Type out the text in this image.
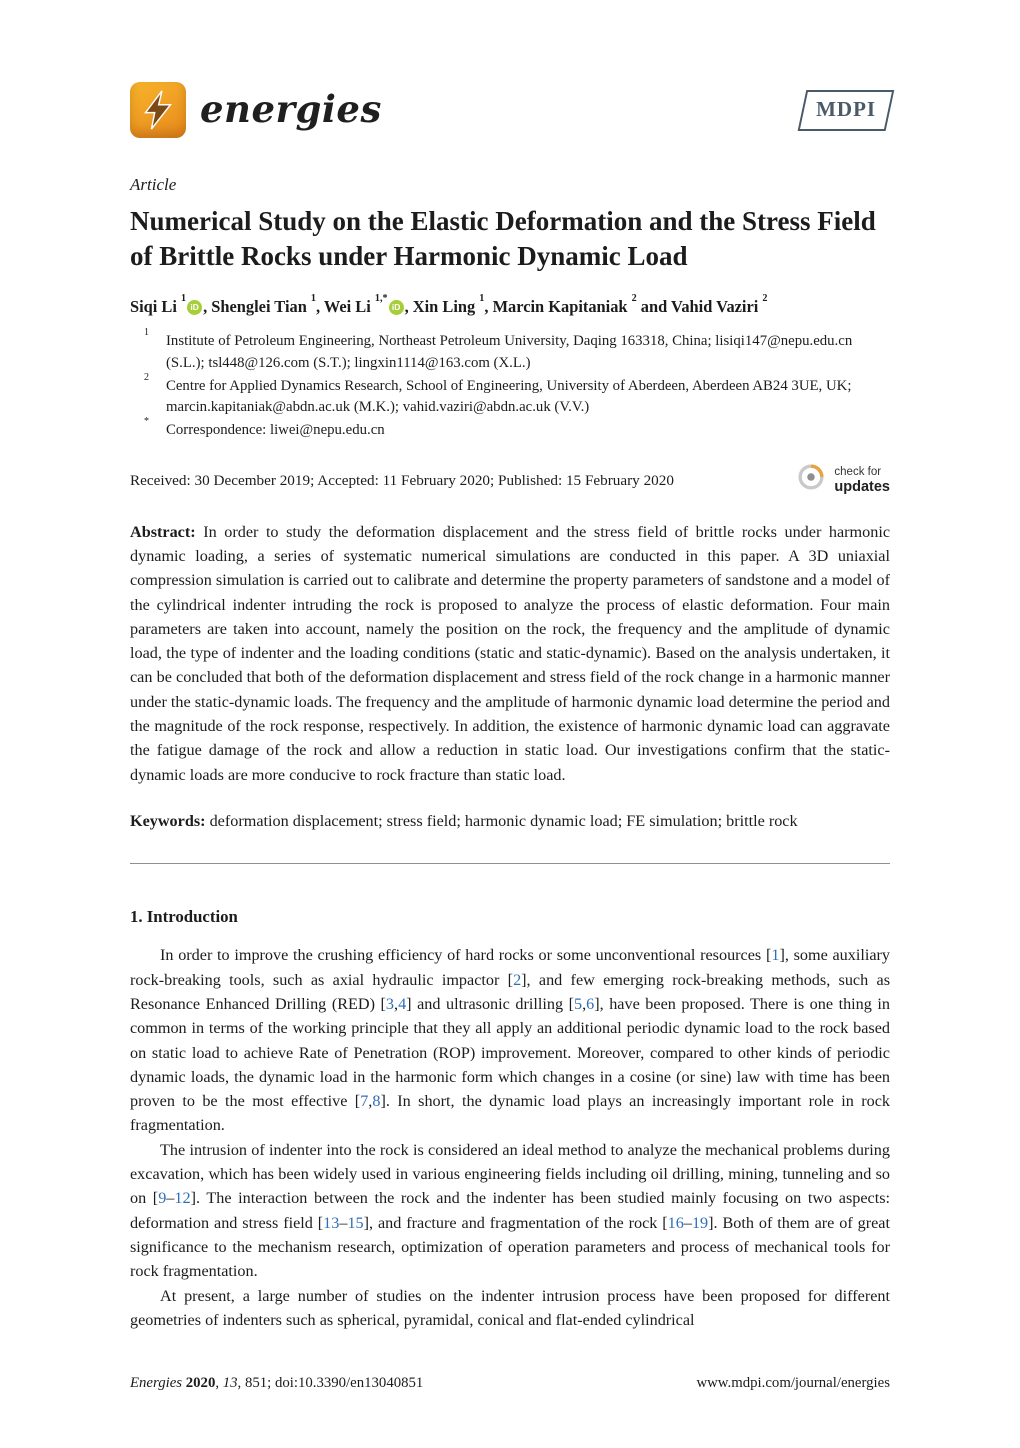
energies	MDPI
Article
Numerical Study on the Elastic Deformation and the Stress Field of Brittle Rocks under Harmonic Dynamic Load
Siqi Li $^1$iD , Shenglei Tian $^1$, Wei Li $^{1,*}$iD , Xin Ling $^1$, Marcin Kapitaniak $^2$ and Vahid Vaziri $^2$
1
Institute of Petroleum Engineering, Northeast Petroleum University, Daqing 163318, China; lisiqi147@nepu.edu.cn (S.L.); tsl448@126.com (S.T.); lingxin1114@163.com (X.L.)
2
Centre for Applied Dynamics Research, School of Engineering, University of Aberdeen, Aberdeen AB24 3UE, UK; marcin.kapitaniak@abdn.ac.uk (M.K.); vahid.vaziri@abdn.ac.uk (V.V.)
*
Correspondence: liwei@nepu.edu.cn
Received: 30 December 2019; Accepted: 11 February 2020; Published: 15 February 2020	check for
updates

Abstract: In order to study the deformation displacement and the stress field of brittle rocks under harmonic dynamic loading, a series of systematic numerical simulations are conducted in this paper. A 3D uniaxial compression simulation is carried out to calibrate and determine the property parameters of sandstone and a model of the cylindrical indenter intruding the rock is proposed to analyze the process of elastic deformation. Four main parameters are taken into account, namely the position on the rock, the frequency and the amplitude of dynamic load, the type of indenter and the loading conditions (static and static-dynamic). Based on the analysis undertaken, it can be concluded that both of the deformation displacement and stress field of the rock change in a harmonic manner under the static-dynamic loads. The frequency and the amplitude of harmonic dynamic load determine the period and the magnitude of the rock response, respectively. In addition, the existence of harmonic dynamic load can aggravate the fatigue damage of the rock and allow a reduction in static load. Our investigations confirm that the static-dynamic loads are more conducive to rock fracture than static load.

Keywords: deformation displacement; stress field; harmonic dynamic load; FE simulation; brittle rock

1. Introduction

In order to improve the crushing efficiency of hard rocks or some unconventional resources [1], some auxiliary rock-breaking tools, such as axial hydraulic impactor [2], and few emerging rock-breaking methods, such as Resonance Enhanced Drilling (RED) [3,4] and ultrasonic drilling [5,6], have been proposed. There is one thing in common in terms of the working principle that they all apply an additional periodic dynamic load to the rock based on static load to achieve Rate of Penetration (ROP) improvement. Moreover, compared to other kinds of periodic dynamic loads, the dynamic load in the harmonic form which changes in a cosine (or sine) law with time has been proven to be the most effective [7,8]. In short, the dynamic load plays an increasingly important role in rock fragmentation.

The intrusion of indenter into the rock is considered an ideal method to analyze the mechanical problems during excavation, which has been widely used in various engineering fields including oil drilling, mining, tunneling and so on [9–12]. The interaction between the rock and the indenter has been studied mainly focusing on two aspects: deformation and stress field [13–15], and fracture and fragmentation of the rock [16–19]. Both of them are of great significance to the mechanism research, optimization of operation parameters and process of mechanical tools for rock fragmentation.

At present, a large number of studies on the indenter intrusion process have been proposed for different geometries of indenters such as spherical, pyramidal, conical and flat-ended cylindrical

Energies 2020, 13, 851; doi:10.3390/en13040851	www.mdpi.com/journal/energies
